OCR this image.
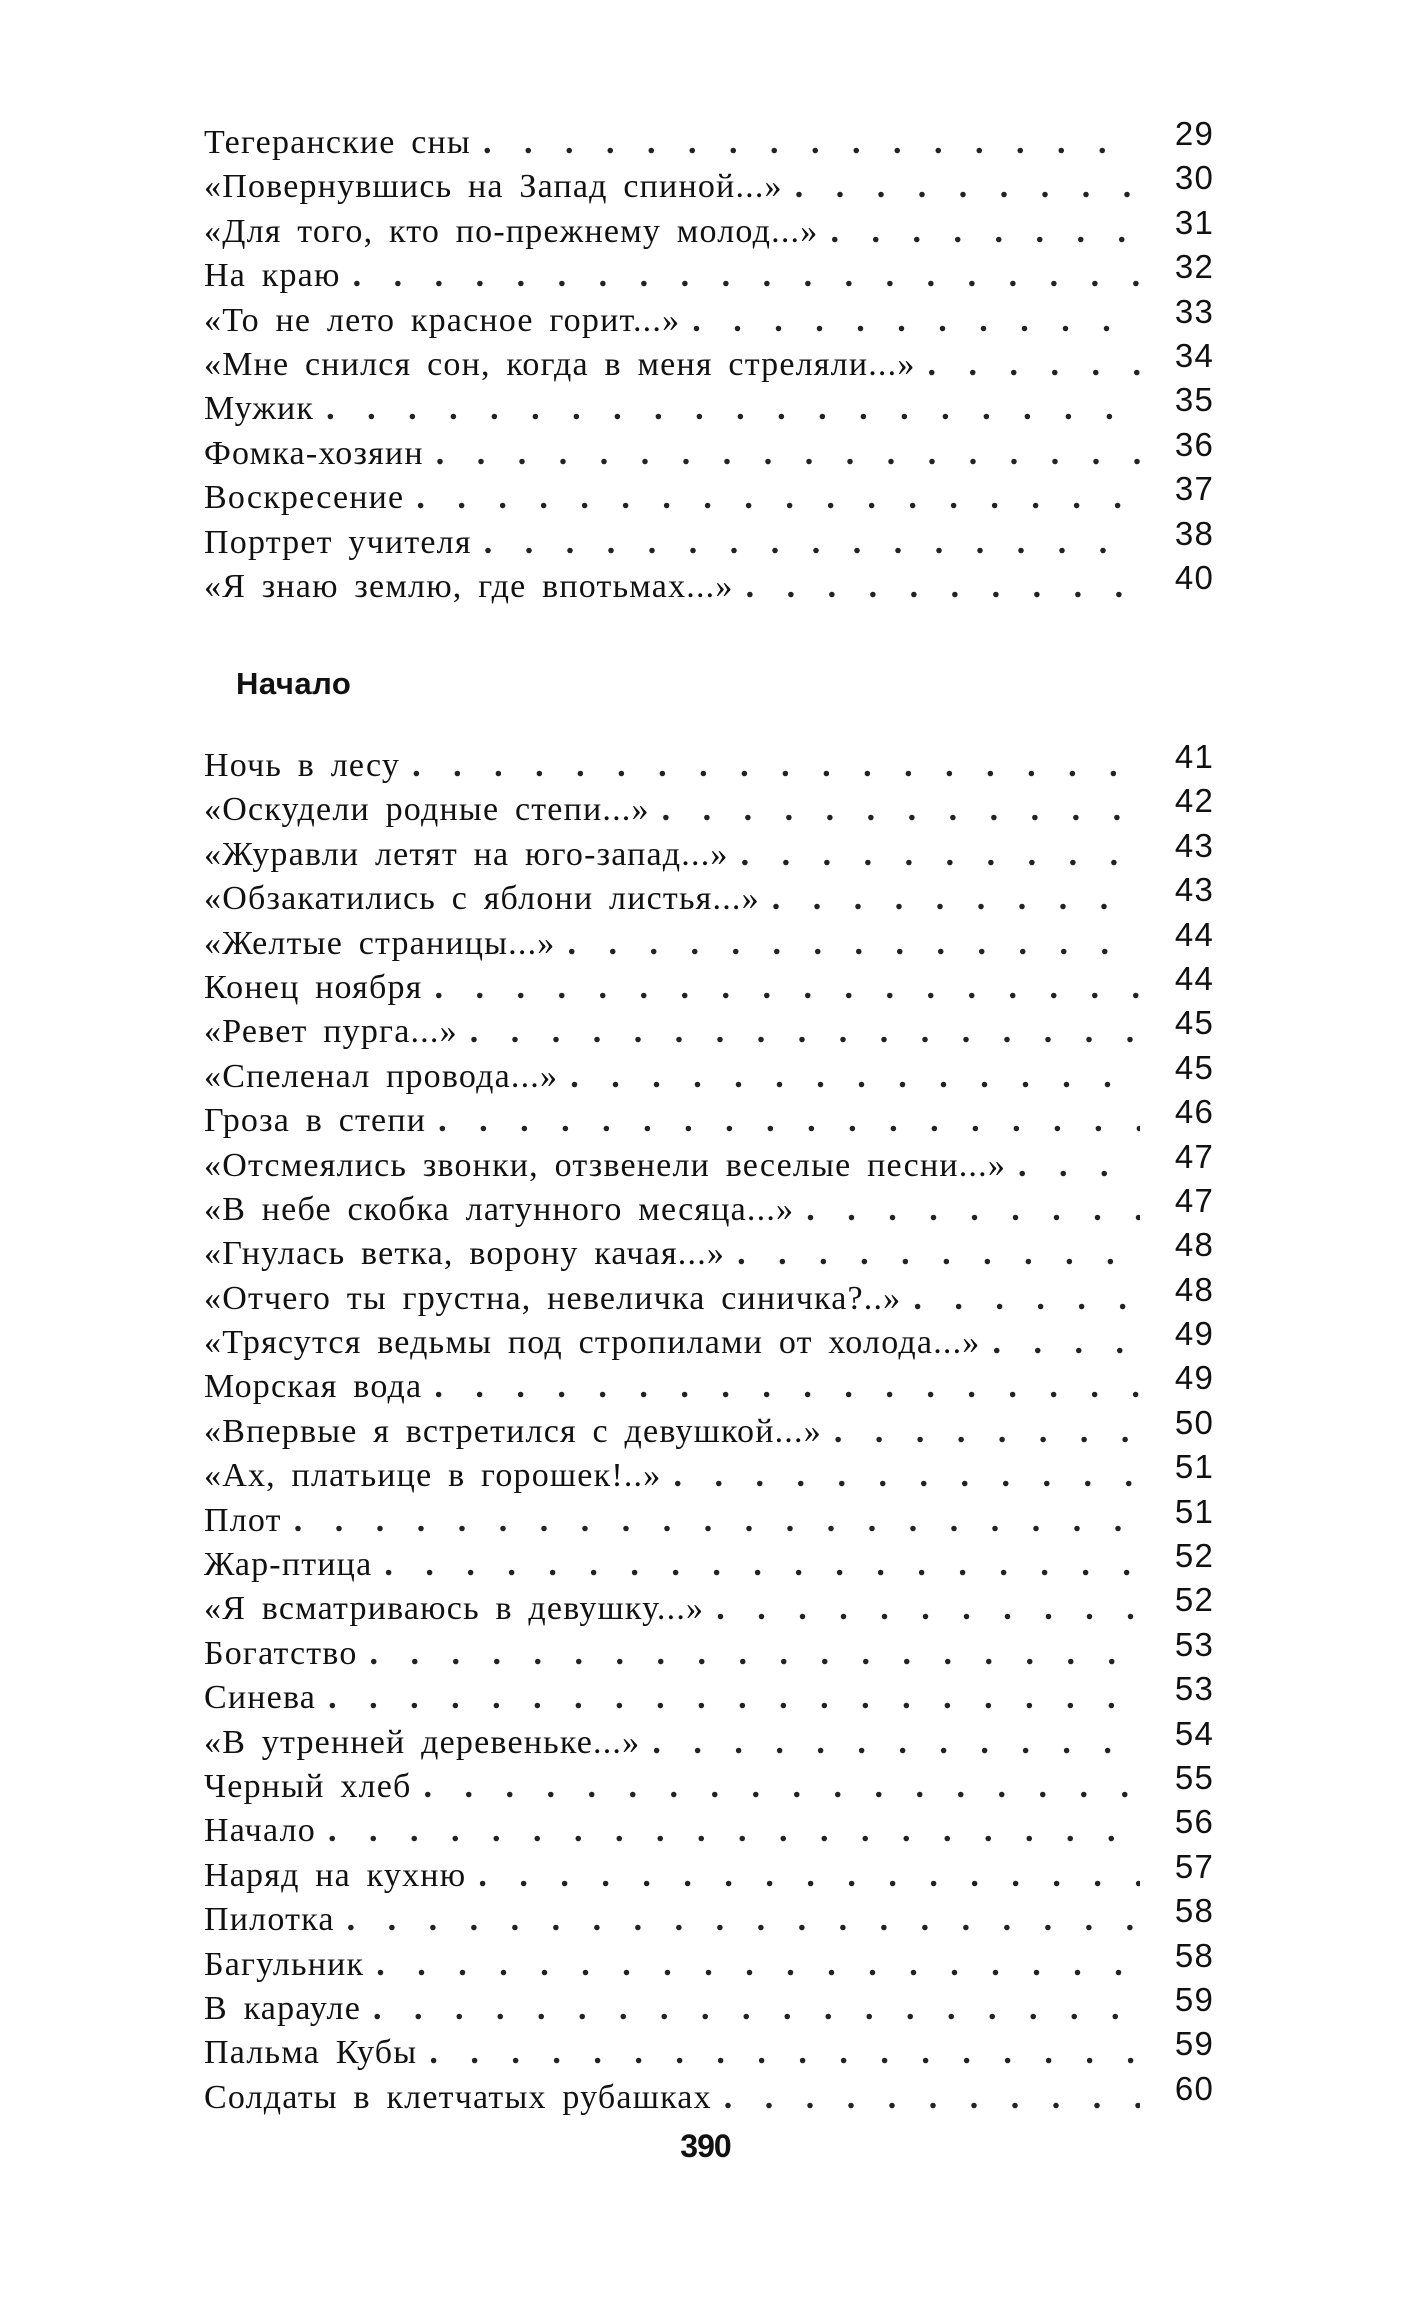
Тегеранские сны . . .	29
«Повернувшись на Запад спиной...» . . .	30
«Для того, кто по-прежнему молод...» . . .	31
На краю . . .	32
«То не лето красное горит...» . . .	33
«Мне снился сон, когда в меня стреляли...» . . .	34
Мужик . . .	35
Фомка-хозяин . . .	36
Воскресение . . .	37
Портрет учителя . . .	38
«Я знаю землю, где впотьмах...» . . .	40
Начало
Ночь в лесу . . .	41
«Оскудели родные степи...» . . .	42
«Журавли летят на юго-запад...» . . .	43
«Обзакатились с яблони листья...» . . .	43
«Желтые страницы...» . . .	44
Конец ноября . . .	44
«Ревет пурга...» . . .	45
«Спеленал провода...» . . .	45
Гроза в степи . . .	46
«Отсмеялись звонки, отзвенели веселые песни...» . . .	47
«В небе скобка латунного месяца...» . . .	47
«Гнулась ветка, ворону качая...» . . .	48
«Отчего ты грустна, невеличка синичка?..» . . .	48
«Трясутся ведьмы под стропилами от холода...» . . .	49
Морская вода . . .	49
«Впервые я встретился с девушкой...» . . .	50
«Ах, платьице в горошек!..» . . .	51
Плот . . .	51
Жар-птица . . .	52
«Я всматриваюсь в девушку...» . . .	52
Богатство . . .	53
Синева . . .	53
«В утренней деревеньке...» . . .	54
Черный хлеб . . .	55
Начало . . .	56
Наряд на кухню . . .	57
Пилотка . . .	58
Багульник . . .	58
В карауле . . .	59
Пальма Кубы . . .	59
Солдаты в клетчатых рубашках . . .	60
390
